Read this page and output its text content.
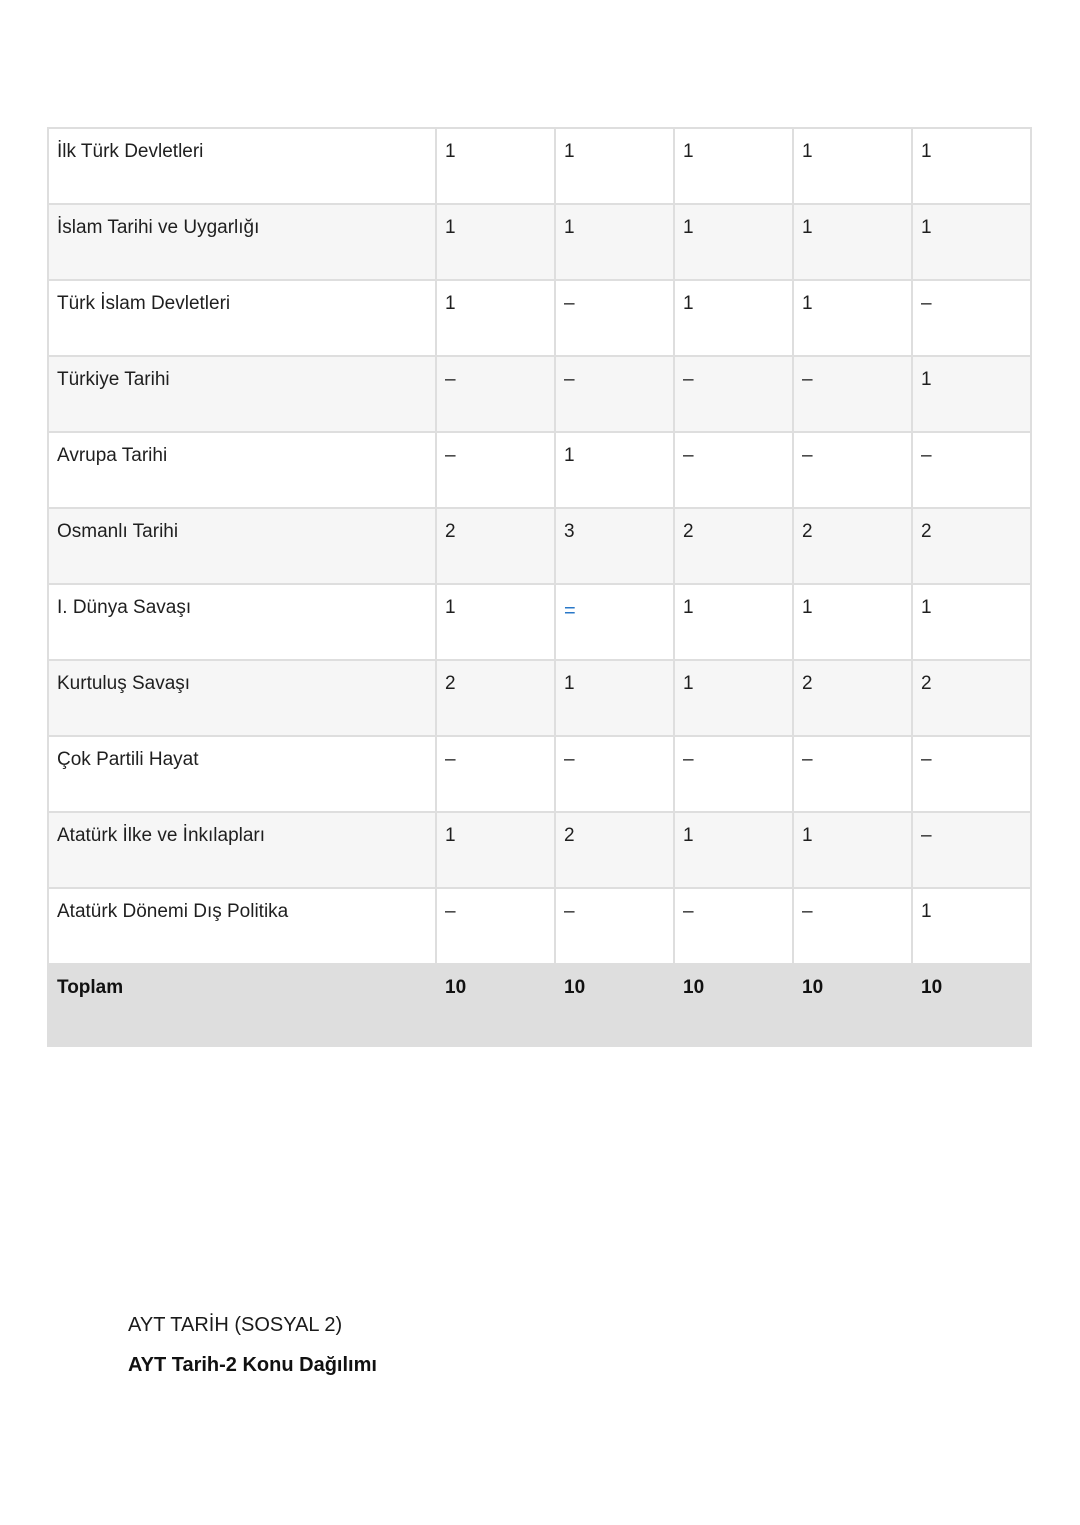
İlk Türk Devletleri	1	1	1	1	1
İslam Tarihi ve Uygarlığı	1	1	1	1	1
Türk İslam Devletleri	1	–	1	1	–
Türkiye Tarihi	–	–	–	–	1
Avrupa Tarihi	–	1	–	–	–
Osmanlı Tarihi	2	3	2	2	2
I. Dünya Savaşı	1	=	1	1	1
Kurtuluş Savaşı	2	1	1	2	2
Çok Partili Hayat	–	–	–	–	–
Atatürk İlke ve İnkılapları	1	2	1	1	–
Atatürk Dönemi Dış Politika	–	–	–	–	1
Toplam	10	10	10	10	10

AYT TARİH (SOSYAL 2)

AYT Tarih-2 Konu Dağılımı
